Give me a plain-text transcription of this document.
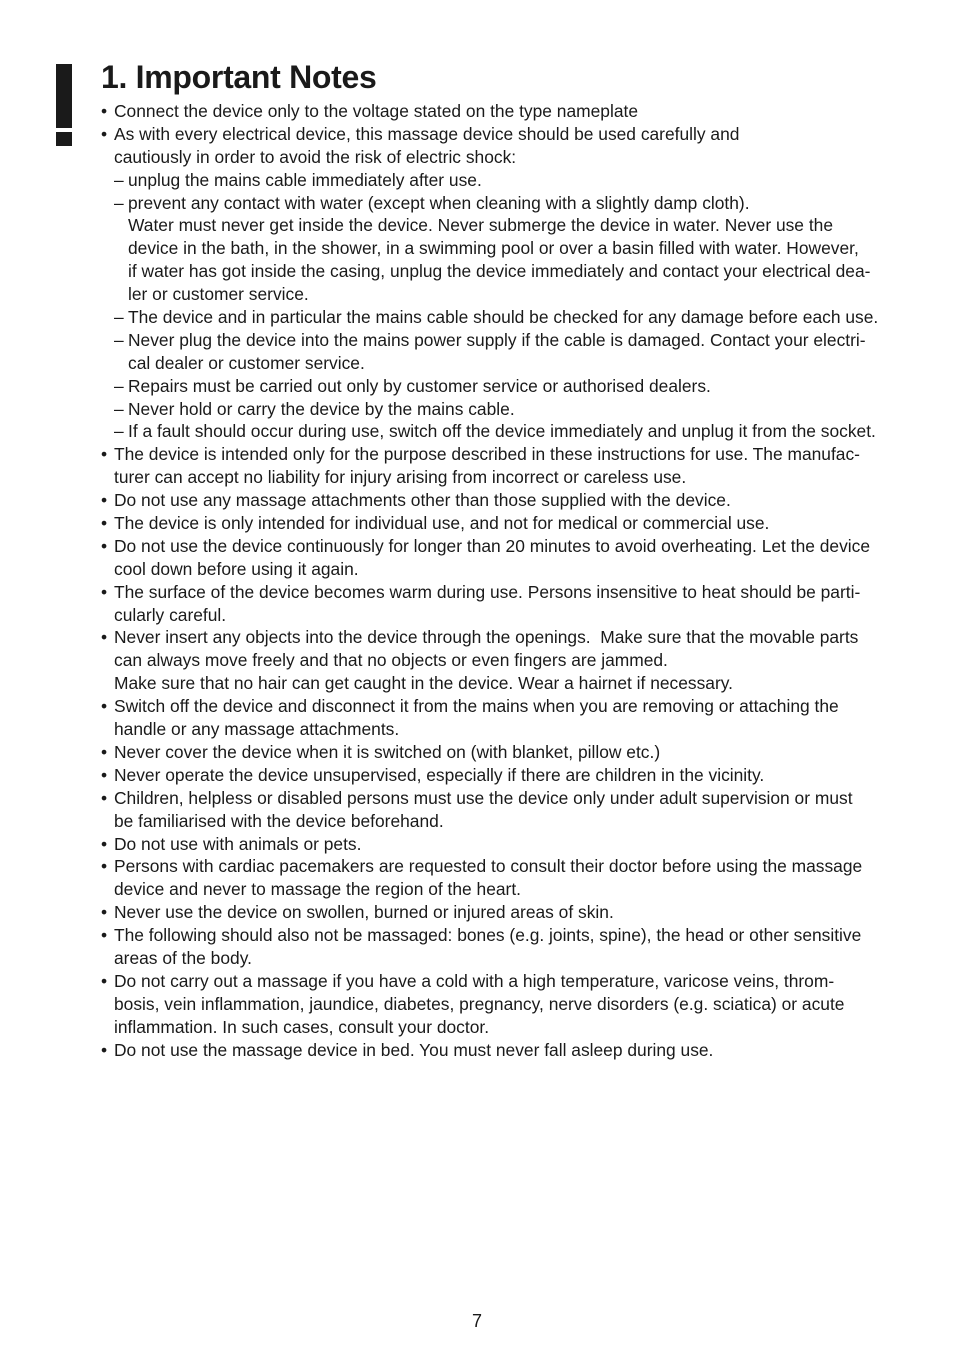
1. Important Notes
• Connect the device only to the voltage stated on the type nameplate
• As with every electrical device, this massage device should be used carefully and
cautiously in order to avoid the risk of electric shock:
– unplug the mains cable immediately after use.
– prevent any contact with water (except when cleaning with a slightly damp cloth).
Water must never get inside the device. Never submerge the device in water. Never use the
device in the bath, in the shower, in a swimming pool or over a basin filled with water. However,
if water has got inside the casing, unplug the device immediately and contact your electrical dea-
ler or customer service.
– The device and in particular the mains cable should be checked for any damage before each use.
– Never plug the device into the mains power supply if the cable is damaged. Contact your electri-
cal dealer or customer service.
– Repairs must be carried out only by customer service or authorised dealers.
– Never hold or carry the device by the mains cable.
– If a fault should occur during use, switch off the device immediately and unplug it from the socket.
• The device is intended only for the purpose described in these instructions for use. The manufac-
turer can accept no liability for injury arising from incorrect or careless use.
• Do not use any massage attachments other than those supplied with the device.
• The device is only intended for individual use, and not for medical or commercial use.
• Do not use the device continuously for longer than 20 minutes to avoid overheating. Let the device
cool down before using it again.
• The surface of the device becomes warm during use. Persons insensitive to heat should be parti-
cularly careful.
• Never insert any objects into the device through the openings.  Make sure that the movable parts
can always move freely and that no objects or even fingers are jammed.
Make sure that no hair can get caught in the device. Wear a hairnet if necessary.
• Switch off the device and disconnect it from the mains when you are removing or attaching the
handle or any massage attachments.
• Never cover the device when it is switched on (with blanket, pillow etc.)
• Never operate the device unsupervised, especially if there are children in the vicinity.
• Children, helpless or disabled persons must use the device only under adult supervision or must
be familiarised with the device beforehand.
• Do not use with animals or pets.
• Persons with cardiac pacemakers are requested to consult their doctor before using the massage
device and never to massage the region of the heart.
• Never use the device on swollen, burned or injured areas of skin.
• The following should also not be massaged: bones (e.g. joints, spine), the head or other sensitive
areas of the body.
• Do not carry out a massage if you have a cold with a high temperature, varicose veins, throm-
bosis, vein inflammation, jaundice, diabetes, pregnancy, nerve disorders (e.g. sciatica) or acute
inflammation. In such cases, consult your doctor.
• Do not use the massage device in bed. You must never fall asleep during use.
7
